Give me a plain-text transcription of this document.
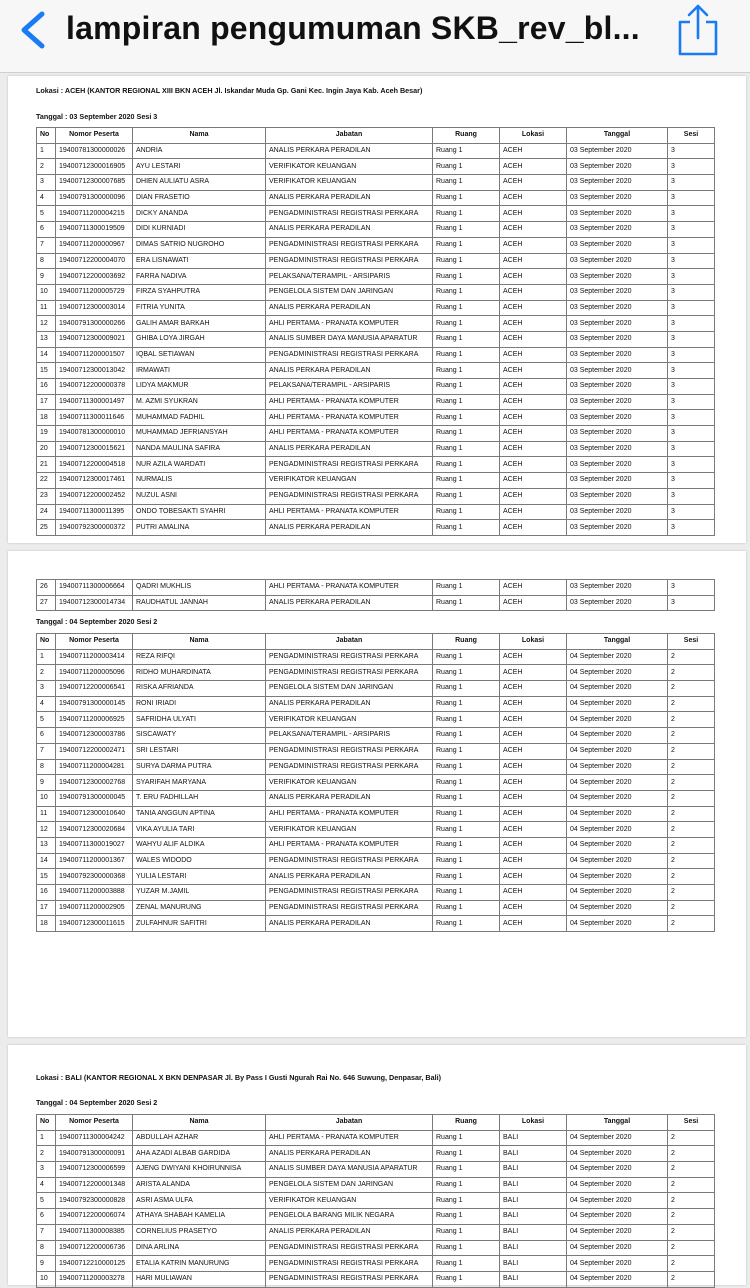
lampiran pengumuman SKB_rev_bl...
Lokasi : ACEH (KANTOR REGIONAL XIII BKN ACEH Jl. Iskandar Muda Gp. Gani Kec. Ingin Jaya Kab. Aceh Besar)
Tanggal : 03 September 2020 Sesi 3
No	Nomor Peserta	Nama	Jabatan	Ruang	Lokasi	Tanggal	Sesi
1	19400781300000026	ANDRIA	ANALIS PERKARA PERADILAN	Ruang 1	ACEH	03 September 2020	3
2	19400712300016905	AYU LESTARI	VERIFIKATOR KEUANGAN	Ruang 1	ACEH	03 September 2020	3
3	19400712300007685	DHIEN AULIATU ASRA	VERIFIKATOR KEUANGAN	Ruang 1	ACEH	03 September 2020	3
4	19400791300000096	DIAN FRASETIO	ANALIS PERKARA PERADILAN	Ruang 1	ACEH	03 September 2020	3
5	19400711200004215	DICKY ANANDA	PENGADMINISTRASI REGISTRASI PERKARA	Ruang 1	ACEH	03 September 2020	3
6	19400711300019509	DIDI KURNIADI	ANALIS PERKARA PERADILAN	Ruang 1	ACEH	03 September 2020	3
7	19400711200000967	DIMAS SATRIO NUGROHO	PENGADMINISTRASI REGISTRASI PERKARA	Ruang 1	ACEH	03 September 2020	3
8	19400712200004070	ERA LISNAWATI	PENGADMINISTRASI REGISTRASI PERKARA	Ruang 1	ACEH	03 September 2020	3
9	19400712200003692	FARRA NADIVA	PELAKSANA/TERAMPIL - ARSIPARIS	Ruang 1	ACEH	03 September 2020	3
10	19400711200005729	FIRZA SYAHPUTRA	PENGELOLA SISTEM DAN JARINGAN	Ruang 1	ACEH	03 September 2020	3
11	19400712300003014	FITRIA YUNITA	ANALIS PERKARA PERADILAN	Ruang 1	ACEH	03 September 2020	3
12	19400791300000266	GALIH AMAR BARKAH	AHLI PERTAMA - PRANATA KOMPUTER	Ruang 1	ACEH	03 September 2020	3
13	19400712300009021	GHIBA LOYA JIRGAH	ANALIS SUMBER DAYA MANUSIA APARATUR	Ruang 1	ACEH	03 September 2020	3
14	19400711200001507	IQBAL SETIAWAN	PENGADMINISTRASI REGISTRASI PERKARA	Ruang 1	ACEH	03 September 2020	3
15	19400712300013042	IRMAWATI	ANALIS PERKARA PERADILAN	Ruang 1	ACEH	03 September 2020	3
16	19400712200000378	LIDYA MAKMUR	PELAKSANA/TERAMPIL - ARSIPARIS	Ruang 1	ACEH	03 September 2020	3
17	19400711300001497	M. AZMI SYUKRAN	AHLI PERTAMA - PRANATA KOMPUTER	Ruang 1	ACEH	03 September 2020	3
18	19400711300011646	MUHAMMAD FADHIL	AHLI PERTAMA - PRANATA KOMPUTER	Ruang 1	ACEH	03 September 2020	3
19	19400781300000010	MUHAMMAD JEFRIANSYAH	AHLI PERTAMA - PRANATA KOMPUTER	Ruang 1	ACEH	03 September 2020	3
20	19400712300015621	NANDA MAULINA SAFIRA	ANALIS PERKARA PERADILAN	Ruang 1	ACEH	03 September 2020	3
21	19400712200004518	NUR AZILA WARDATI	PENGADMINISTRASI REGISTRASI PERKARA	Ruang 1	ACEH	03 September 2020	3
22	19400712300017461	NURMALIS	VERIFIKATOR KEUANGAN	Ruang 1	ACEH	03 September 2020	3
23	19400712200002452	NUZUL ASNI	PENGADMINISTRASI REGISTRASI PERKARA	Ruang 1	ACEH	03 September 2020	3
24	19400711300011395	ONDO TOBESAKTI SYAHRI	AHLI PERTAMA - PRANATA KOMPUTER	Ruang 1	ACEH	03 September 2020	3
25	19400792300000372	PUTRI AMALINA	ANALIS PERKARA PERADILAN	Ruang 1	ACEH	03 September 2020	3
26	19400711300006664	QADRI MUKHLIS	AHLI PERTAMA - PRANATA KOMPUTER	Ruang 1	ACEH	03 September 2020	3
27	19400712300014734	RAUDHATUL JANNAH	ANALIS PERKARA PERADILAN	Ruang 1	ACEH	03 September 2020	3
Tanggal : 04 September 2020 Sesi 2
No	Nomor Peserta	Nama	Jabatan	Ruang	Lokasi	Tanggal	Sesi
1	19400711200003414	REZA RIFQI	PENGADMINISTRASI REGISTRASI PERKARA	Ruang 1	ACEH	04 September 2020	2
2	19400711200005096	RIDHO MUHARDINATA	PENGADMINISTRASI REGISTRASI PERKARA	Ruang 1	ACEH	04 September 2020	2
3	19400712200006541	RISKA AFRIANDA	PENGELOLA SISTEM DAN JARINGAN	Ruang 1	ACEH	04 September 2020	2
4	19400791300000145	RONI IRIADI	ANALIS PERKARA PERADILAN	Ruang 1	ACEH	04 September 2020	2
5	19400711200006925	SAFRIDHA ULYATI	VERIFIKATOR KEUANGAN	Ruang 1	ACEH	04 September 2020	2
6	19400712300003786	SISCAWATY	PELAKSANA/TERAMPIL - ARSIPARIS	Ruang 1	ACEH	04 September 2020	2
7	19400712200002471	SRI LESTARI	PENGADMINISTRASI REGISTRASI PERKARA	Ruang 1	ACEH	04 September 2020	2
8	19400711200004281	SURYA DARMA PUTRA	PENGADMINISTRASI REGISTRASI PERKARA	Ruang 1	ACEH	04 September 2020	2
9	19400712300002768	SYARIFAH MARYANA	VERIFIKATOR KEUANGAN	Ruang 1	ACEH	04 September 2020	2
10	19400791300000045	T. ERU FADHILLAH	ANALIS PERKARA PERADILAN	Ruang 1	ACEH	04 September 2020	2
11	19400712300010640	TANIA ANGGUN APTINA	AHLI PERTAMA - PRANATA KOMPUTER	Ruang 1	ACEH	04 September 2020	2
12	19400712300020684	VIKA AYULIA TARI	VERIFIKATOR KEUANGAN	Ruang 1	ACEH	04 September 2020	2
13	19400711300019027	WAHYU ALIF ALDIKA	AHLI PERTAMA - PRANATA KOMPUTER	Ruang 1	ACEH	04 September 2020	2
14	19400711200001367	WALES WIDODO	PENGADMINISTRASI REGISTRASI PERKARA	Ruang 1	ACEH	04 September 2020	2
15	19400792300000368	YULIA LESTARI	ANALIS PERKARA PERADILAN	Ruang 1	ACEH	04 September 2020	2
16	19400711200003888	YUZAR M.JAMIL	PENGADMINISTRASI REGISTRASI PERKARA	Ruang 1	ACEH	04 September 2020	2
17	19400711200002905	ZENAL MANURUNG	PENGADMINISTRASI REGISTRASI PERKARA	Ruang 1	ACEH	04 September 2020	2
18	19400712300011615	ZULFAHNUR SAFITRI	ANALIS PERKARA PERADILAN	Ruang 1	ACEH	04 September 2020	2
Lokasi : BALI (KANTOR REGIONAL X BKN DENPASAR Jl. By Pass I Gusti Ngurah Rai No. 646 Suwung, Denpasar, Bali)
Tanggal : 04 September 2020 Sesi 2
No	Nomor Peserta	Nama	Jabatan	Ruang	Lokasi	Tanggal	Sesi
1	19400711300004242	ABDULLAH AZHAR	AHLI PERTAMA - PRANATA KOMPUTER	Ruang 1	BALI	04 September 2020	2
2	19400791300000091	AHA AZADI ALBAB GARDIDA	ANALIS PERKARA PERADILAN	Ruang 1	BALI	04 September 2020	2
3	19400712300006599	AJENG DWIYANI KHOIRUNNISA	ANALIS SUMBER DAYA MANUSIA APARATUR	Ruang 1	BALI	04 September 2020	2
4	19400712200001348	ARISTA ALANDA	PENGELOLA SISTEM DAN JARINGAN	Ruang 1	BALI	04 September 2020	2
5	19400792300000828	ASRI ASMA ULFA	VERIFIKATOR KEUANGAN	Ruang 1	BALI	04 September 2020	2
6	19400712200006074	ATHAYA SHABAH KAMELIA	PENGELOLA BARANG MILIK NEGARA	Ruang 1	BALI	04 September 2020	2
7	19400711300008385	CORNELIUS PRASETYO	ANALIS PERKARA PERADILAN	Ruang 1	BALI	04 September 2020	2
8	19400712200006736	DINA ARLINA	PENGADMINISTRASI REGISTRASI PERKARA	Ruang 1	BALI	04 September 2020	2
9	19400712210000125	ETALIA KATRIN MANURUNG	PENGADMINISTRASI REGISTRASI PERKARA	Ruang 1	BALI	04 September 2020	2
10	19400711200003278	HARI MULIAWAN	PENGADMINISTRASI REGISTRASI PERKARA	Ruang 1	BALI	04 September 2020	2
